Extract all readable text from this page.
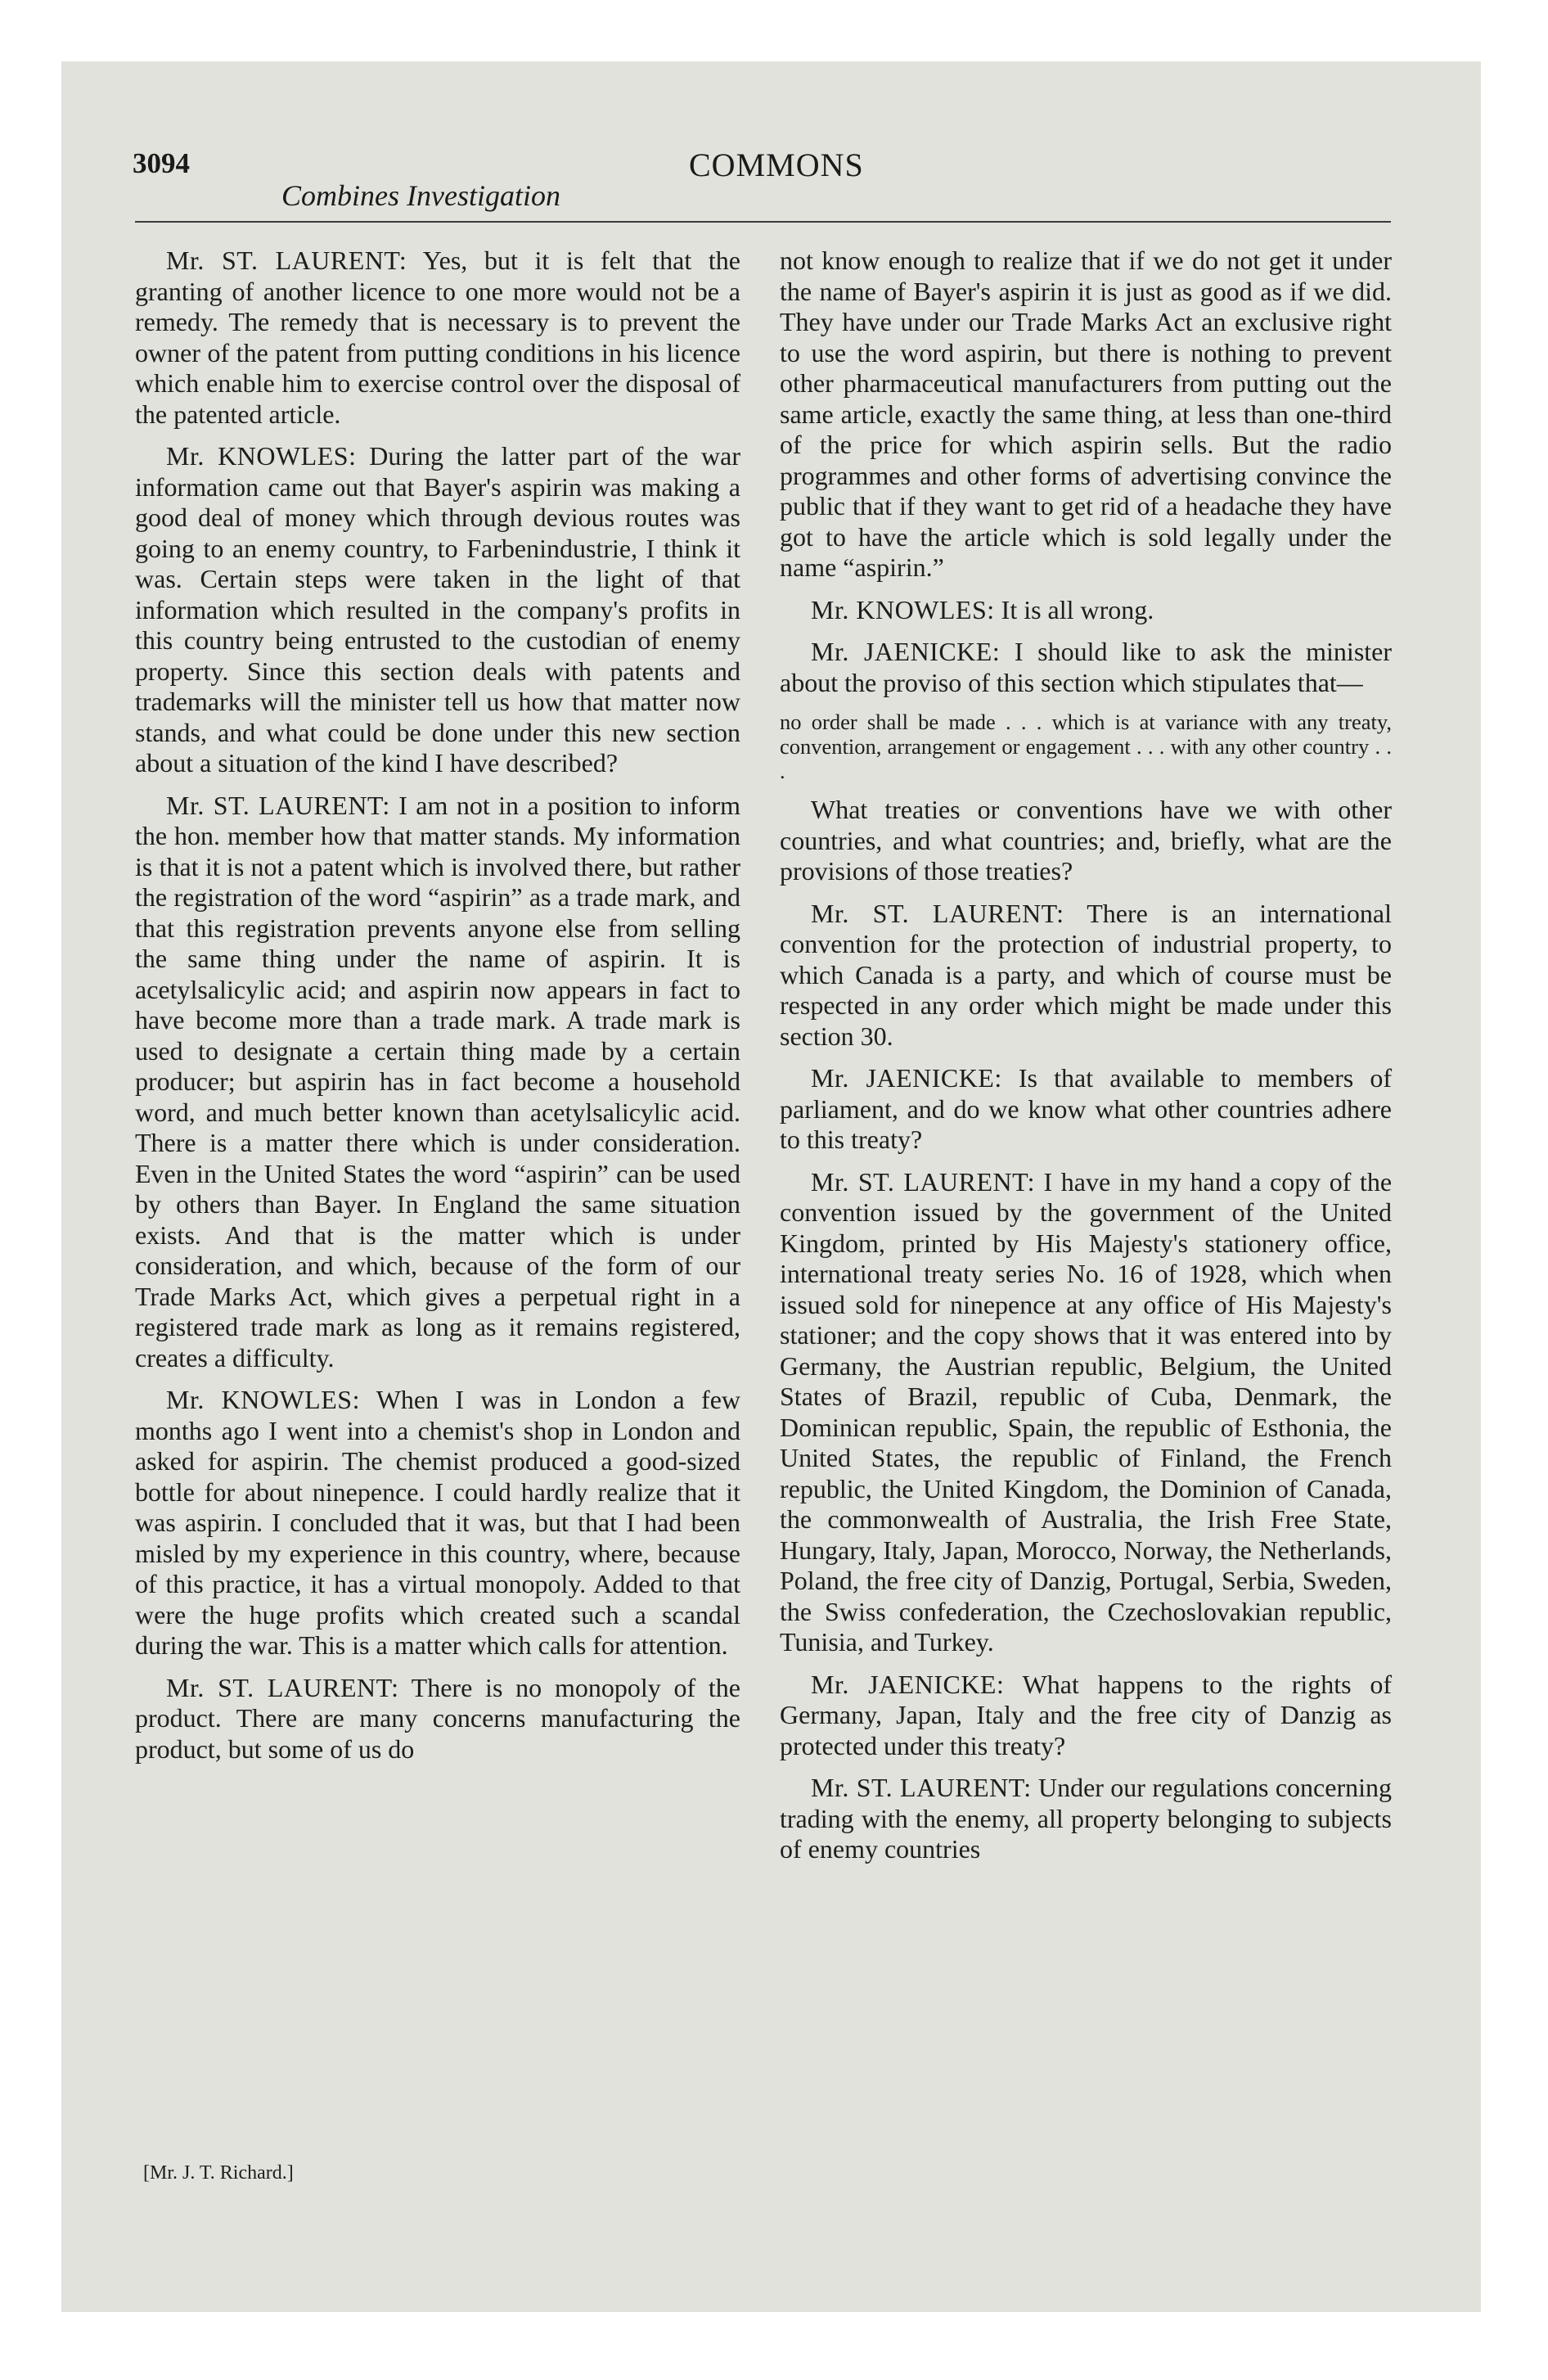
3094
Combines Investigation
COMMONS

Mr. ST. LAURENT: Yes, but it is felt that the granting of another licence to one more would not be a remedy. The remedy that is necessary is to prevent the owner of the patent from putting conditions in his licence which enable him to exercise control over the disposal of the patented article.

Mr. KNOWLES: During the latter part of the war information came out that Bayer's aspirin was making a good deal of money which through devious routes was going to an enemy country, to Farbenindustrie, I think it was. Certain steps were taken in the light of that information which resulted in the company's profits in this country being entrusted to the custodian of enemy property. Since this section deals with patents and trademarks will the minister tell us how that matter now stands, and what could be done under this new section about a situation of the kind I have described?

Mr. ST. LAURENT: I am not in a position to inform the hon. member how that matter stands. My information is that it is not a patent which is involved there, but rather the registration of the word “aspirin” as a trade mark, and that this registration prevents anyone else from selling the same thing under the name of aspirin. It is acetylsalicylic acid; and aspirin now appears in fact to have become more than a trade mark. A trade mark is used to designate a certain thing made by a certain producer; but aspirin has in fact become a household word, and much better known than acetylsalicylic acid. There is a matter there which is under consideration. Even in the United States the word “aspirin” can be used by others than Bayer. In England the same situation exists. And that is the matter which is under consideration, and which, because of the form of our Trade Marks Act, which gives a perpetual right in a registered trade mark as long as it remains registered, creates a difficulty.

Mr. KNOWLES: When I was in London a few months ago I went into a chemist's shop in London and asked for aspirin. The chemist produced a good-sized bottle for about ninepence. I could hardly realize that it was aspirin. I concluded that it was, but that I had been misled by my experience in this country, where, because of this practice, it has a virtual monopoly. Added to that were the huge profits which created such a scandal during the war. This is a matter which calls for attention.

Mr. ST. LAURENT: There is no monopoly of the product. There are many concerns manufacturing the product, but some of us do

[Mr. J. T. Richard.]

not know enough to realize that if we do not get it under the name of Bayer's aspirin it is just as good as if we did. They have under our Trade Marks Act an exclusive right to use the word aspirin, but there is nothing to prevent other pharmaceutical manufacturers from putting out the same article, exactly the same thing, at less than one-third of the price for which aspirin sells. But the radio programmes and other forms of advertising convince the public that if they want to get rid of a headache they have got to have the article which is sold legally under the name “aspirin.”

Mr. KNOWLES: It is all wrong.

Mr. JAENICKE: I should like to ask the minister about the proviso of this section which stipulates that—

no order shall be made . . . which is at variance with any treaty, convention, arrangement or engagement . . . with any other country . . .

What treaties or conventions have we with other countries, and what countries; and, briefly, what are the provisions of those treaties?

Mr. ST. LAURENT: There is an international convention for the protection of industrial property, to which Canada is a party, and which of course must be respected in any order which might be made under this section 30.

Mr. JAENICKE: Is that available to members of parliament, and do we know what other countries adhere to this treaty?

Mr. ST. LAURENT: I have in my hand a copy of the convention issued by the government of the United Kingdom, printed by His Majesty's stationery office, international treaty series No. 16 of 1928, which when issued sold for ninepence at any office of His Majesty's stationer; and the copy shows that it was entered into by Germany, the Austrian republic, Belgium, the United States of Brazil, republic of Cuba, Denmark, the Dominican republic, Spain, the republic of Esthonia, the United States, the republic of Finland, the French republic, the United Kingdom, the Dominion of Canada, the commonwealth of Australia, the Irish Free State, Hungary, Italy, Japan, Morocco, Norway, the Netherlands, Poland, the free city of Danzig, Portugal, Serbia, Sweden, the Swiss confederation, the Czechoslovakian republic, Tunisia, and Turkey.

Mr. JAENICKE: What happens to the rights of Germany, Japan, Italy and the free city of Danzig as protected under this treaty?

Mr. ST. LAURENT: Under our regulations concerning trading with the enemy, all property belonging to subjects of enemy countries
